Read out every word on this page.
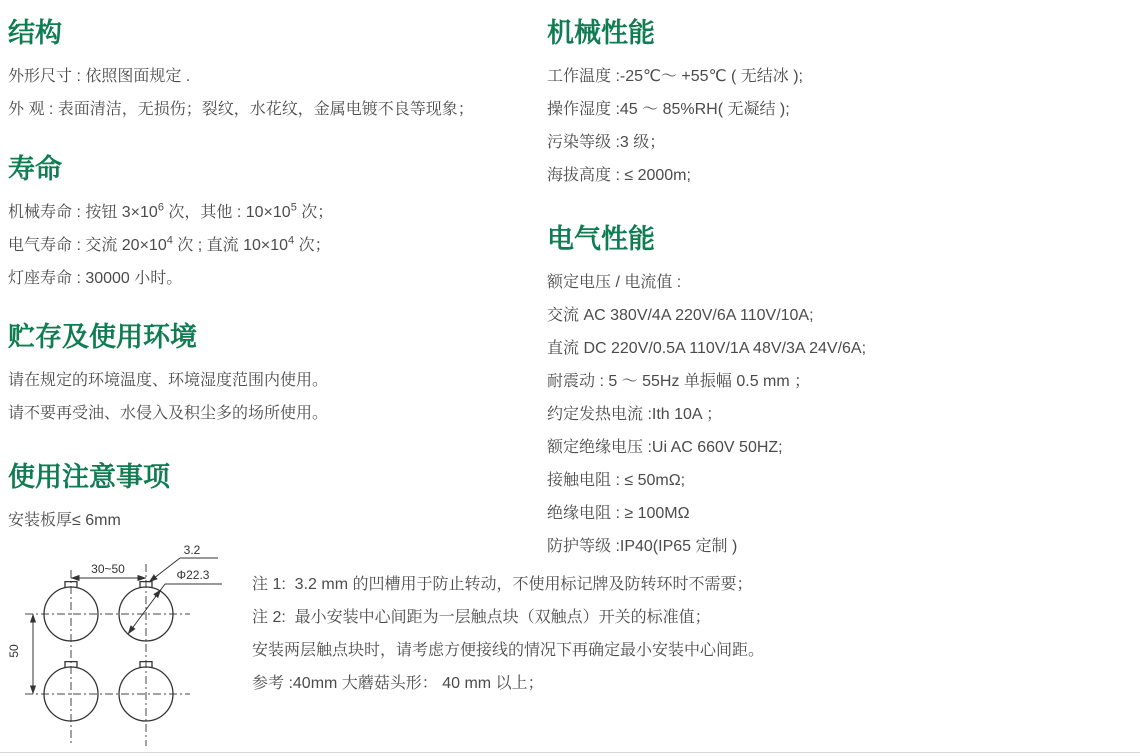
结构

外形尺寸 : 依照图面规定 .

外 观 : 表面清洁，无损伤；裂纹，水花纹，金属电镀不良等现象；

寿命

机械寿命 : 按钮 $3\times 10^6$ 次，其他 : $10\times 10^5$ 次；

电气寿命 : 交流 $20\times 10^4$ 次 ; 直流 $10\times 10^4$ 次；

灯座寿命 : 30000 小时。

贮存及使用环境

请在规定的环境温度、环境湿度范围内使用。

请不要再受油、水侵入及积尘多的场所使用。

使用注意事项

安装板厚≤ 6mm

机械性能

工作温度 :-25℃～ +55℃ ( 无结冰 );

操作湿度 :45 ～ 85%RH( 无凝结 );

污染等级 :3 级；

海拔高度 : ≤ 2000m;

电气性能

额定电压 / 电流值 :

交流 AC 380V/4A 220V/6A 110V/10A;

直流 DC 220V/0.5A 110V/1A 48V/3A 24V/6A;

耐震动 : 5 ～ 55Hz 单振幅 0.5 mm ；

约定发热电流 :Ith 10A ；

额定绝缘电压 :Ui AC 660V 50HZ;

接触电阻 : ≤ 50mΩ;

绝缘电阻 : ≥ 100MΩ

防护等级 :IP40(IP65 定制 )

30~50
50
3.2
Φ22.3

注 1:  3.2 mm 的凹槽用于防止转动，不使用标记牌及防转环时不需要；

注 2:  最小安装中心间距为一层触点块（双触点）开关的标准值；

安装两层触点块时，请考虑方便接线的情况下再确定最小安装中心间距。

参考 :40mm 大蘑菇头形： 40 mm 以上；
